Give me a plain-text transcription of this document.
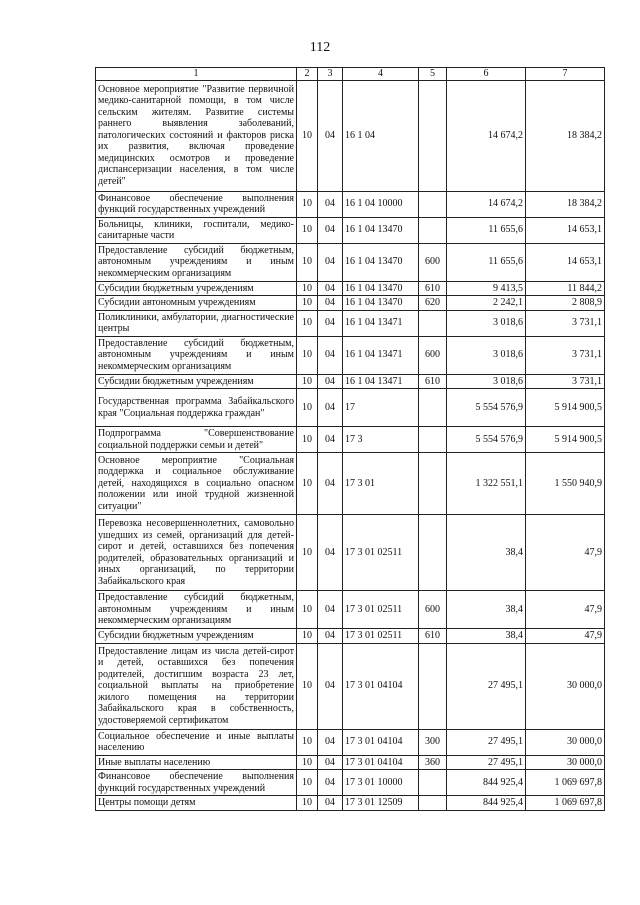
112
1	2	3	4	5	6	7
Основное мероприятие "Развитие первичной медико-санитарной помощи, в том числе сельским жителям. Развитие системы раннего выявления заболеваний, патологических состояний и факторов риска их развития, включая проведение медицинских осмотров и проведение диспансеризации населения, в том числе детей"	10	04	16 1 04		14 674,2	18 384,2
Финансовое обеспечение выполнения функций государственных учреждений	10	04	16 1 04 10000		14 674,2	18 384,2
Больницы, клиники, госпитали, медико-санитарные части	10	04	16 1 04 13470		11 655,6	14 653,1
Предоставление субсидий бюджетным, автономным учреждениям и иным некоммерческим организациям	10	04	16 1 04 13470	600	11 655,6	14 653,1
Субсидии бюджетным учреждениям	10	04	16 1 04 13470	610	9 413,5	11 844,2
Субсидии автономным учреждениям	10	04	16 1 04 13470	620	2 242,1	2 808,9
Поликлиники, амбулатории, диагностические центры	10	04	16 1 04 13471		3 018,6	3 731,1
Предоставление субсидий бюджетным, автономным учреждениям и иным некоммерческим организациям	10	04	16 1 04 13471	600	3 018,6	3 731,1
Субсидии бюджетным учреждениям	10	04	16 1 04 13471	610	3 018,6	3 731,1
Государственная программа Забайкальского края "Социальная поддержка граждан"	10	04	17		5 554 576,9	5 914 900,5
Подпрограмма "Совершенствование социальной поддержки семьи и детей"	10	04	17 3		5 554 576,9	5 914 900,5
Основное мероприятие "Социальная поддержка и социальное обслуживание детей, находящихся в социально опасном положении или иной трудной жизненной ситуации"	10	04	17 3 01		1 322 551,1	1 550 940,9
Перевозка несовершеннолетних, самовольно ушедших из семей, организаций для детей-сирот и детей, оставшихся без попечения родителей, образовательных организаций и иных организаций, по территории Забайкальского края	10	04	17 3 01 02511		38,4	47,9
Предоставление субсидий бюджетным, автономным учреждениям и иным некоммерческим организациям	10	04	17 3 01 02511	600	38,4	47,9
Субсидии бюджетным учреждениям	10	04	17 3 01 02511	610	38,4	47,9
Предоставление лицам из числа детей-сирот и детей, оставшихся без попечения родителей, достигшим возраста 23 лет, социальной выплаты на приобретение жилого помещения на территории Забайкальского края в собственность, удостоверяемой сертификатом	10	04	17 3 01 04104		27 495,1	30 000,0
Социальное обеспечение и иные выплаты населению	10	04	17 3 01 04104	300	27 495,1	30 000,0
Иные выплаты населению	10	04	17 3 01 04104	360	27 495,1	30 000,0
Финансовое обеспечение выполнения функций государственных учреждений	10	04	17 3 01 10000		844 925,4	1 069 697,8
Центры помощи детям	10	04	17 3 01 12509		844 925,4	1 069 697,8
